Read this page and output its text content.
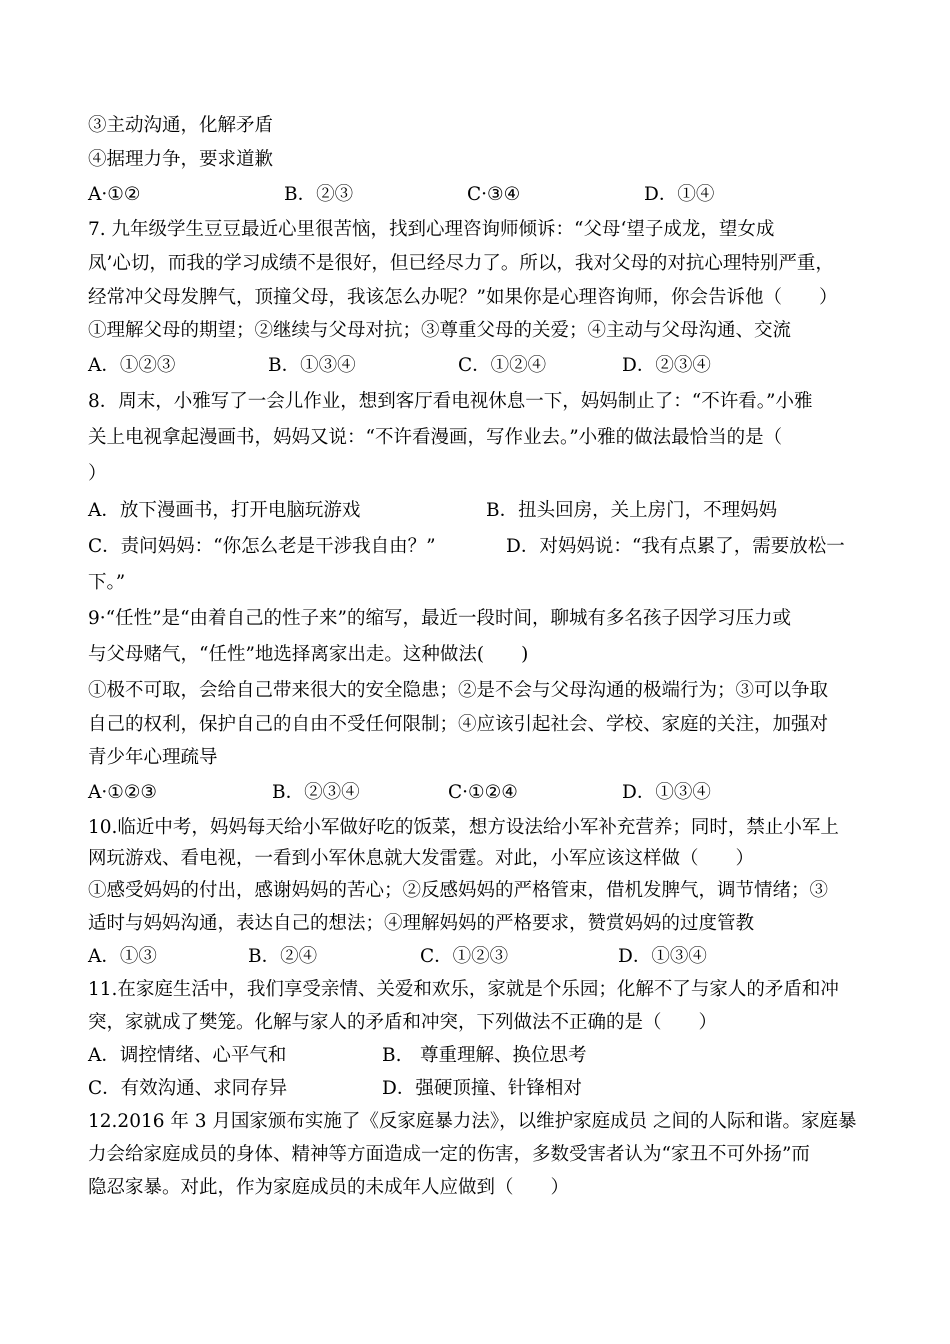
③主动沟通，化解矛盾
④据理力争，要求道歉
A·①②	B．②③	C·③④	D．①④
7. 九年级学生豆豆最近心里很苦恼，找到心理咨询师倾诉：“父母‘望子成龙，望女成
凤’心切，而我的学习成绩不是很好，但已经尽力了。所以，我对父母的对抗心理特别严重，
经常冲父母发脾气，顶撞父母，我该怎么办呢？”如果你是心理咨询师，你会告诉他（　　）
①理解父母的期望；②继续与父母对抗；③尊重父母的关爱；④主动与父母沟通、交流
A．①②③	B．①③④	C．①②④	D．②③④
8．周末，小雅写了一会儿作业，想到客厅看电视休息一下，妈妈制止了：“不许看。”小雅
关上电视拿起漫画书，妈妈又说：“不许看漫画，写作业去。”小雅的做法最恰当的是（
）
A．放下漫画书，打开电脑玩游戏	B．扭头回房，关上房门，不理妈妈
C．责问妈妈：“你怎么老是干涉我自由？”	D．对妈妈说：“我有点累了，需要放松一
下。”
9·“任性”是“由着自己的性子来”的缩写，最近一段时间，聊城有多名孩子因学习压力或
与父母赌气，“任性”地选择离家出走。这种做法(　　)
①极不可取，会给自己带来很大的安全隐患；②是不会与父母沟通的极端行为；③可以争取
自己的权利，保护自己的自由不受任何限制；④应该引起社会、学校、家庭的关注，加强对
青少年心理疏导
A·①②③	B．②③④	C·①②④	D．①③④
10.临近中考，妈妈每天给小军做好吃的饭菜，想方设法给小军补充营养；同时，禁止小军上
网玩游戏、看电视，一看到小军休息就大发雷霆。对此，小军应该这样做（　　）
①感受妈妈的付出，感谢妈妈的苦心；②反感妈妈的严格管束，借机发脾气，调节情绪；③
适时与妈妈沟通，表达自己的想法；④理解妈妈的严格要求，赞赏妈妈的过度管教
A．①③	B．②④	C．①②③	D．①③④
11.在家庭生活中，我们享受亲情、关爱和欢乐，家就是个乐园；化解不了与家人的矛盾和冲
突，家就成了樊笼。化解与家人的矛盾和冲突，下列做法不正确的是（　　）
A．调控情绪、心平气和	B.　尊重理解、换位思考
C．有效沟通、求同存异	D．强硬顶撞、针锋相对
12.2016 年 3 月国家颁布实施了《反家庭暴力法》，以维护家庭成员 之间的人际和谐。家庭暴
力会给家庭成员的身体、精神等方面造成一定的伤害，多数受害者认为“家丑不可外扬”而
隐忍家暴。对此，作为家庭成员的未成年人应做到（　　）
